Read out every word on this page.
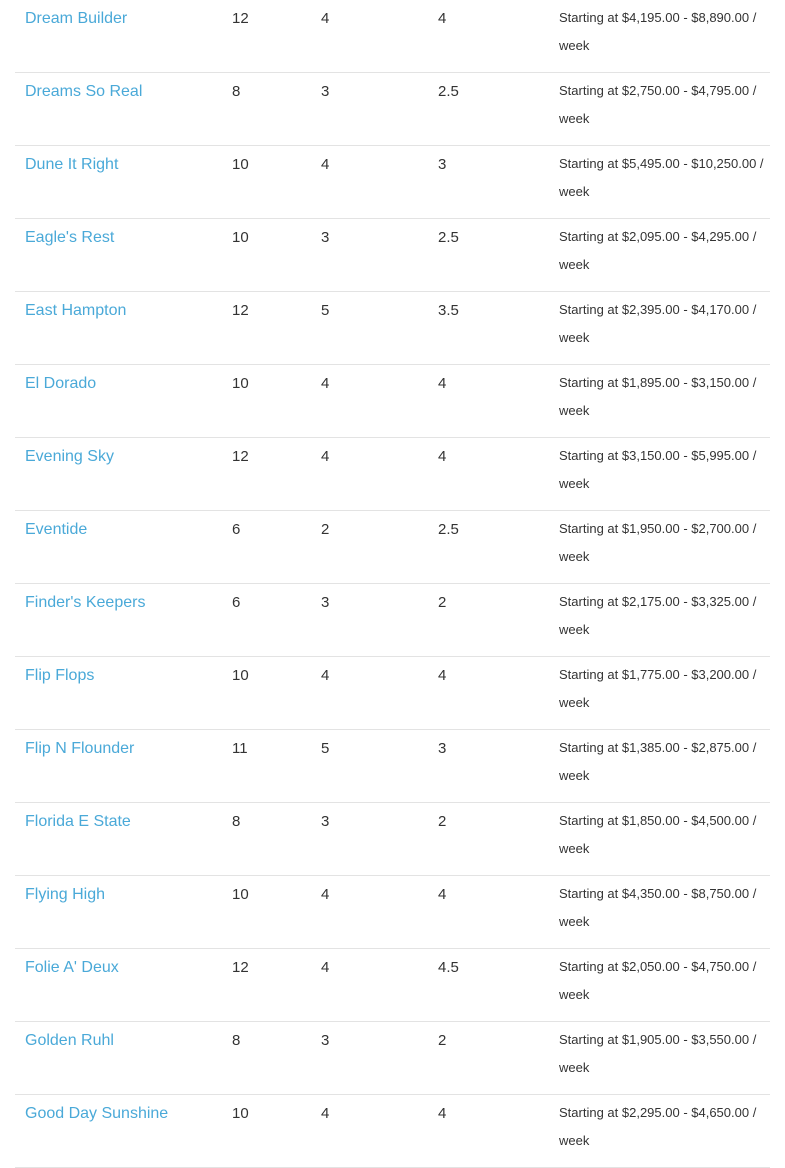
Dream Builder	12	4	4	Starting at $4,195.00 - $8,890.00 / week
Dreams So Real	8	3	2.5	Starting at $2,750.00 - $4,795.00 / week
Dune It Right	10	4	3	Starting at $5,495.00 - $10,250.00 / week
Eagle's Rest	10	3	2.5	Starting at $2,095.00 - $4,295.00 / week
East Hampton	12	5	3.5	Starting at $2,395.00 - $4,170.00 / week
El Dorado	10	4	4	Starting at $1,895.00 - $3,150.00 / week
Evening Sky	12	4	4	Starting at $3,150.00 - $5,995.00 / week
Eventide	6	2	2.5	Starting at $1,950.00 - $2,700.00 / week
Finder's Keepers	6	3	2	Starting at $2,175.00 - $3,325.00 / week
Flip Flops	10	4	4	Starting at $1,775.00 - $3,200.00 / week
Flip N Flounder	11	5	3	Starting at $1,385.00 - $2,875.00 / week
Florida E State	8	3	2	Starting at $1,850.00 - $4,500.00 / week
Flying High	10	4	4	Starting at $4,350.00 - $8,750.00 / week
Folie A' Deux	12	4	4.5	Starting at $2,050.00 - $4,750.00 / week
Golden Ruhl	8	3	2	Starting at $1,905.00 - $3,550.00 / week
Good Day Sunshine	10	4	4	Starting at $2,295.00 - $4,650.00 / week
